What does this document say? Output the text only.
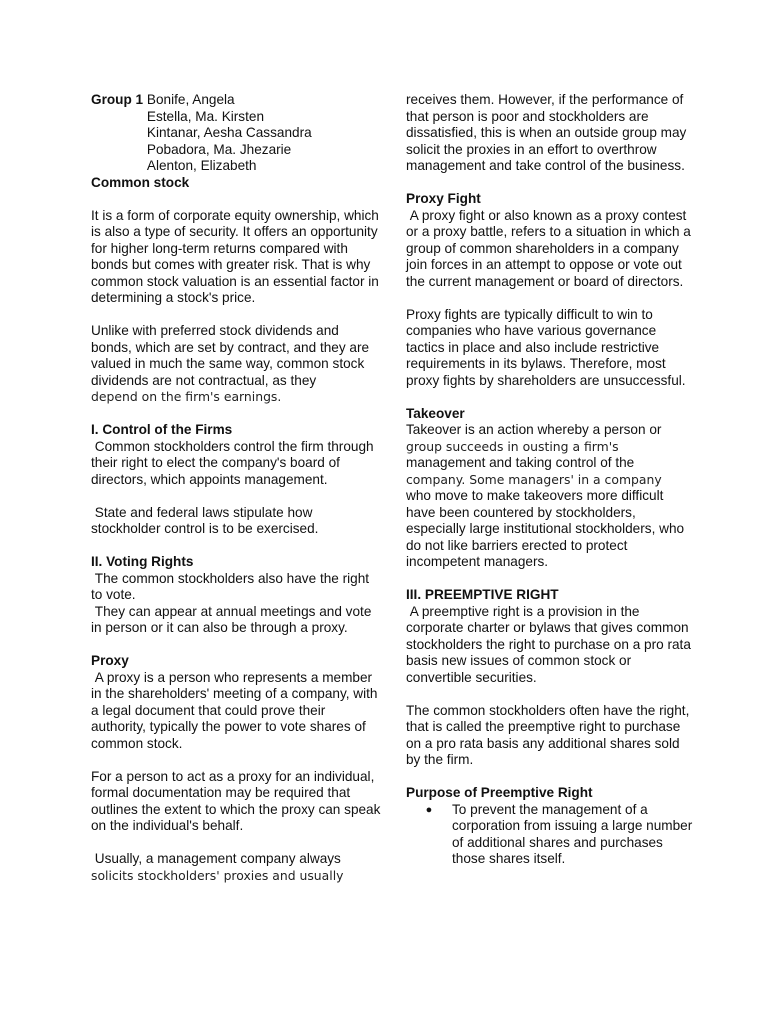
Group 1
Bonife, Angela
Estella, Ma. Kirsten
Kintanar, Aesha Cassandra
Pobadora, Ma. Jhezarie
Alenton, Elizabeth

Common stock

It is a form of corporate equity ownership, which is also a type of security. It offers an opportunity for higher long-term returns compared with bonds but comes with greater risk. That is why common stock valuation is an essential factor in determining a stock's price.

Unlike with preferred stock dividends and bonds, which are set by contract, and they are valued in much the same way, common stock dividends are not contractual, as they

depend on the firm's earnings.

I. Control of the Firms

Common stockholders control the firm through their right to elect the company's board of directors, which appoints management.

State and federal laws stipulate how stockholder control is to be exercised.

II. Voting Rights

The common stockholders also have the right to vote.

They can appear at annual meetings and vote in person or it can also be through a proxy.

Proxy

A proxy is a person who represents a member in the shareholders' meeting of a company, with a legal document that could prove their authority, typically the power to vote shares of common stock.

For a person to act as a proxy for an individual, formal documentation may be required that outlines the extent to which the proxy can speak on the individual's behalf.

Usually, a management company always

solicits stockholders' proxies and usually

receives them. However, if the performance of that person is poor and stockholders are dissatisfied, this is when an outside group may solicit the proxies in an effort to overthrow management and take control of the business.

Proxy Fight

A proxy fight or also known as a proxy contest or a proxy battle, refers to a situation in which a group of common shareholders in a company join forces in an attempt to oppose or vote out the current management or board of directors.

Proxy fights are typically difficult to win to companies who have various governance tactics in place and also include restrictive requirements in its bylaws. Therefore, most proxy fights by shareholders are unsuccessful.

Takeover

Takeover is an action whereby a person or

group succeeds in ousting a firm's

management and taking control of the

company. Some managers' in a company

who move to make takeovers more difficult have been countered by stockholders, especially large institutional stockholders, who do not like barriers erected to protect incompetent managers.

III. PREEMPTIVE RIGHT

A preemptive right is a provision in the corporate charter or bylaws that gives common stockholders the right to purchase on a pro rata basis new issues of common stock or convertible securities.

The common stockholders often have the right, that is called the preemptive right to purchase on a pro rata basis any additional shares sold by the firm.

Purpose of Preemptive Right

●	To prevent the management of a corporation from issuing a large number of additional shares and purchases those shares itself.
